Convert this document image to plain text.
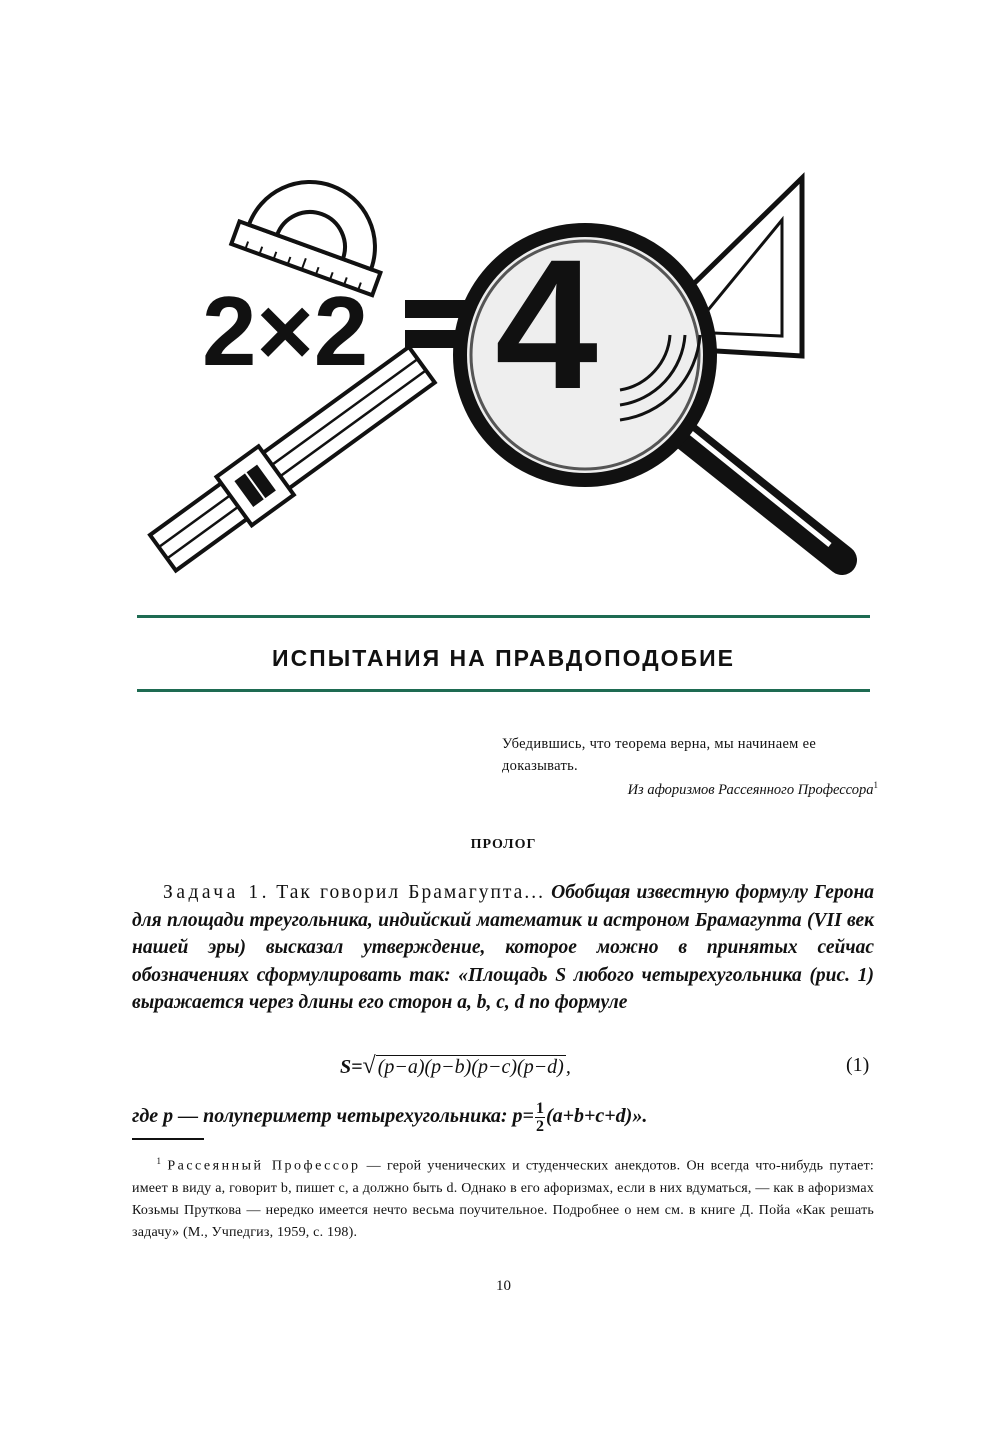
2×2 4
ИСПЫТАНИЯ НА ПРАВДОПОДОБИЕ
Убедившись, что теорема верна, мы начинаем ее доказывать.
Из афоризмов Рассеянного Профессора$^1$
ПРОЛОГ
Задача 1. Так говорил Брамагупта... Обобщая известную формулу Герона для площади треугольника, индийский математик и астроном Брамагупта (VII век нашей эры) высказал утверждение, которое можно в принятых сейчас обозначениях сформулировать так: «Площадь S любого четырехугольника (рис. 1) выражается через длины его сторон a, b, c, d по формуле
S=√ (p−a)(p−b)(p−c)(p−d) ,	(1)
где p — полупериметр четырехугольника: $p= \frac{1}{2} (a+b+c+d)$».
$^1$ Рассеянный Профессор — герой ученических и студенческих анекдотов. Он всегда что-нибудь путает: имеет в виду a, говорит b, пишет c, а должно быть d. Однако в его афоризмах, если в них вдуматься, — как в афоризмах Козьмы Пруткова — нередко имеется нечто весьма поучительное. Подробнее о нем см. в книге Д. Пойа «Как решать задачу» (М., Учпедгиз, 1959, с. 198).
10
